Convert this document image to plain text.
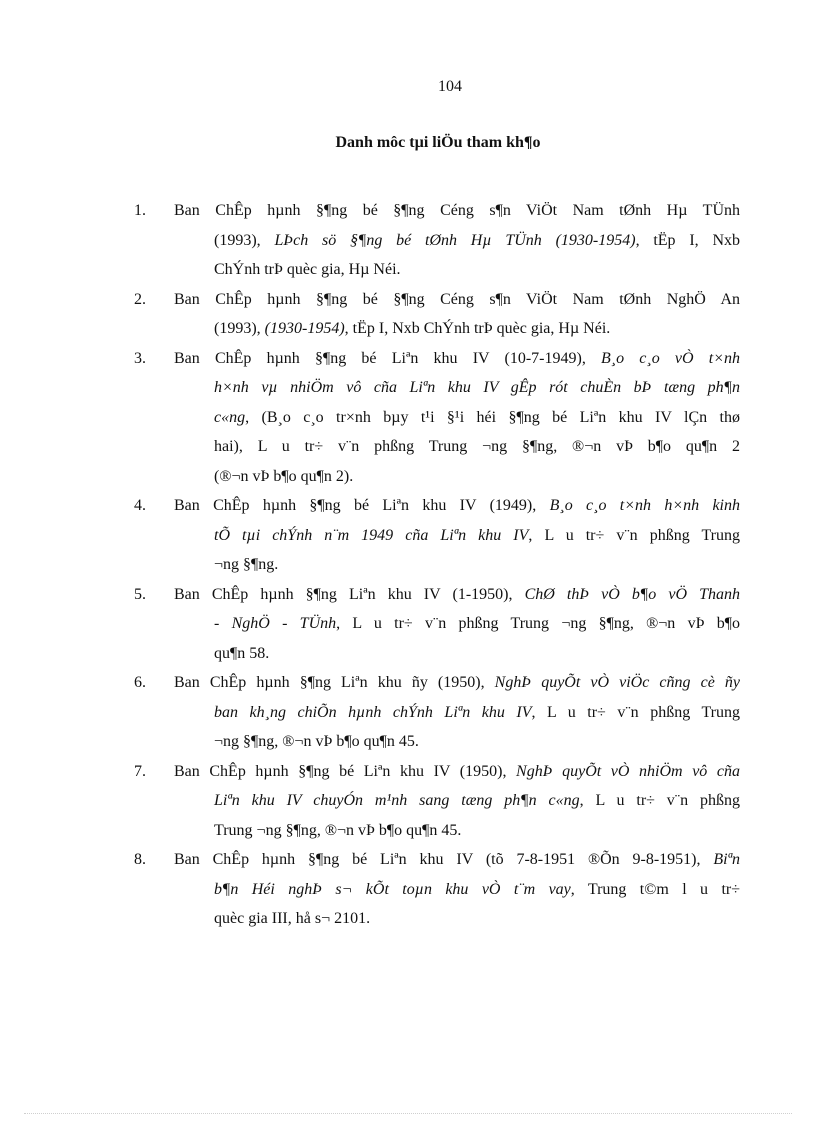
104
Danh môc tµi liÖu tham kh¶o
1. Ban ChÊp hµnh §¶ng bé §¶ng Céng s¶n ViÖt Nam tØnh Hµ TÜnh
(1993), LÞch sö §¶ng bé tØnh Hµ TÜnh (1930-1954), tËp I, Nxb
ChÝnh trÞ quèc gia, Hµ Néi.
2. Ban ChÊp hµnh §¶ng bé §¶ng Céng s¶n ViÖt Nam tØnh NghÖ An
(1993), (1930-1954), tËp I, Nxb ChÝnh trÞ quèc gia, Hµ Néi.
3. Ban ChÊp hµnh §¶ng bé Liªn khu IV (10-7-1949), B¸o c¸o vÒ t×nh
h×nh vµ nhiÖm vô cña Liªn khu IV gÊp rót chuÈn bÞ tæng ph¶n
c«ng, (B¸o c¸o tr×nh bµy t¹i §¹i héi §¶ng bé Liªn khu IV lÇn thø
hai), L u tr÷ v¨n phßng Trung ¬ng §¶ng, ®¬n vÞ b¶o qu¶n 2
(®¬n vÞ b¶o qu¶n 2).
4. Ban ChÊp hµnh §¶ng bé Liªn khu IV (1949), B¸o c¸o t×nh h×nh kinh
tÕ tµi chÝnh n¨m 1949 cña Liªn khu IV, L u tr÷ v¨n phßng Trung
¬ng §¶ng.
5. Ban ChÊp hµnh §¶ng Liªn khu IV (1-1950), ChØ thÞ vÒ b¶o vÖ Thanh
- NghÖ - TÜnh, L u tr÷ v¨n phßng Trung ¬ng §¶ng, ®¬n vÞ b¶o
qu¶n 58.
6. Ban ChÊp hµnh §¶ng Liªn khu ñy (1950), NghÞ quyÕt vÒ viÖc cñng cè ñy
ban kh¸ng chiÕn hµnh chÝnh Liªn khu IV, L u tr÷ v¨n phßng Trung
¬ng §¶ng, ®¬n vÞ b¶o qu¶n 45.
7. Ban ChÊp hµnh §¶ng bé Liªn khu IV (1950), NghÞ quyÕt vÒ nhiÖm vô cña
Liªn khu IV chuyÓn m¹nh sang tæng ph¶n c«ng, L u tr÷ v¨n phßng
Trung ¬ng §¶ng, ®¬n vÞ b¶o qu¶n 45.
8. Ban ChÊp hµnh §¶ng bé Liªn khu IV (tõ 7-8-1951 ®Õn 9-8-1951), Biªn
b¶n Héi nghÞ s¬ kÕt toµn khu vÒ t¨m vay, Trung t©m l u tr÷
quèc gia III, hå s¬ 2101.
